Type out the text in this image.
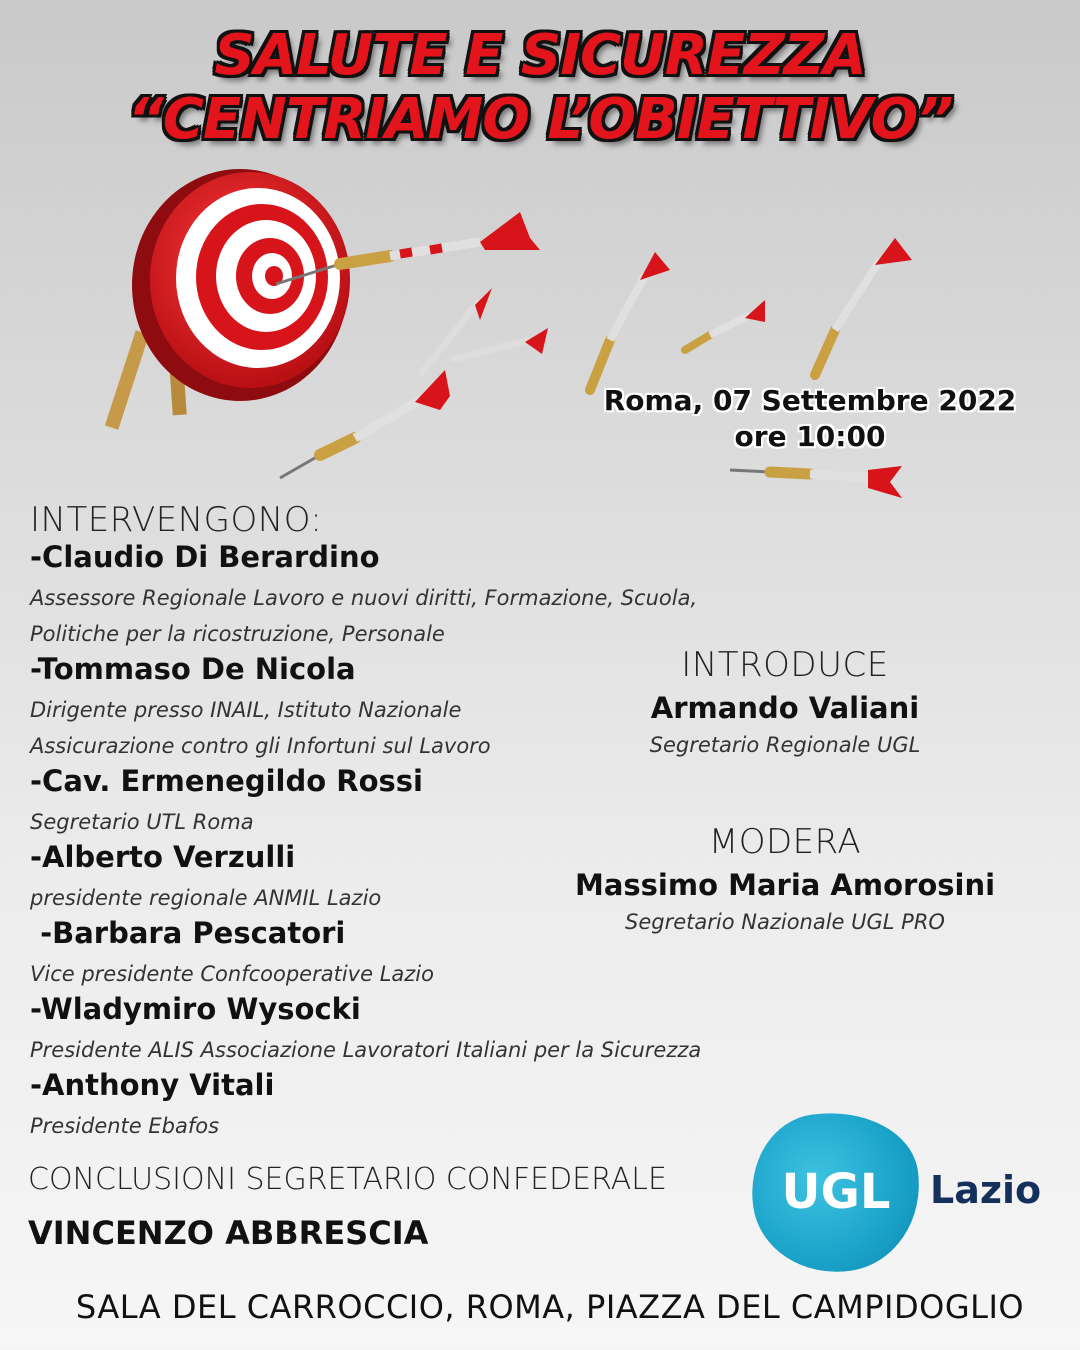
SALUTE E SICUREZZA
“CENTRIAMO L’OBIETTIVO”
Roma, 07 Settembre 2022
ore 10:00
INTERVENGONO:
-Claudio Di Berardino
Assessore Regionale Lavoro e nuovi diritti, Formazione, Scuola,
Politiche per la ricostruzione, Personale
-Tommaso De Nicola
Dirigente presso INAIL, Istituto Nazionale
Assicurazione contro gli Infortuni sul Lavoro
-Cav. Ermenegildo Rossi
Segretario UTL Roma
-Alberto Verzulli
presidente regionale ANMIL Lazio
-Barbara Pescatori
Vice presidente Confcooperative Lazio
-Wladymiro Wysocki
Presidente ALIS Associazione Lavoratori Italiani per la Sicurezza
-Anthony Vitali
Presidente Ebafos
INTRODUCE
Armando Valiani
Segretario Regionale UGL
MODERA
Massimo Maria Amorosini
Segretario Nazionale UGL PRO
CONCLUSIONI SEGRETARIO CONFEDERALE
VINCENZO ABBRESCIA
UGL	Lazio
SALA DEL CARROCCIO, ROMA, PIAZZA DEL CAMPIDOGLIO
